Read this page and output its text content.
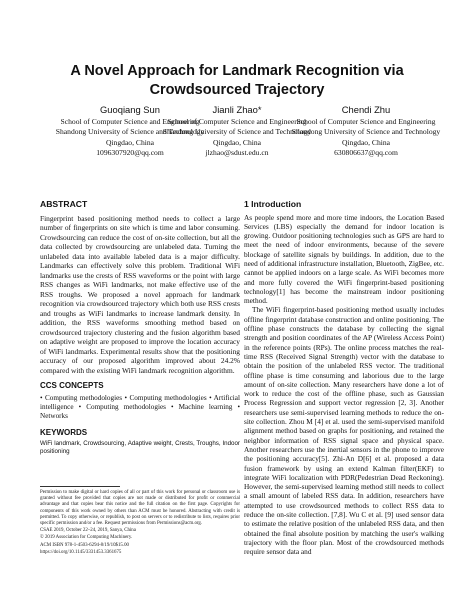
A Novel Approach for Landmark Recognition via Crowdsourced Trajectory
Guoqiang Sun
School of Computer Science and Engineering
Shandong University of Science and Technology
Qingdao, China
1096307920@qq.com
Jianli Zhao*
School of Computer Science and Engineering
Shandong University of Science and Technology
Qingdao, China
jlzhao@sdust.edu.cn
Chendi Zhu
School of Computer Science and Engineering
Shandong University of Science and Technology
Qingdao, China
630806637@qq.com
ABSTRACT

Fingerprint based positioning method needs to collect a large number of fingerprints on site which is time and labor consuming. Crowdsourcing can reduce the cost of on-site collection, but all the data collected by crowdsourcing are unlabeled data. Turning the unlabeled data into available labeled data is a major difficulty. Landmarks can effectively solve this problem. Traditional WiFi landmarks use the crests of RSS waveforms or the point with large RSS changes as WiFi landmarks, not make effective use of the RSS troughs. We proposed a novel approach for landmark recognition via crowdsourced trajectory which both use RSS crests and troughs as WiFi landmarks to increase landmark density. In addition, the RSS waveforms smoothing method based on crowdsourced trajectory clustering and the fusion algorithm based on adaptive weight are proposed to improve the location accuracy of WiFi landmarks. Experimental results show that the positioning accuracy of our proposed algorithm improved about 24.2% compared with the existing WiFi landmark recognition algorithm.

CCS CONCEPTS

• Computing methodologies • Computing methodologies • Artificial intelligence • Computing methodologies • Machine learning • Networks

KEYWORDS

WiFi landmark, Crowdsourcing, Adaptive weight, Crests, Troughs, Indoor positioning

Permission to make digital or hard copies of all or part of this work for personal or classroom use is granted without fee provided that copies are not made or distributed for profit or commercial advantage and that copies bear this notice and the full citation on the first page. Copyrights for components of this work owned by others than ACM must be honored. Abstracting with credit is permitted. To copy otherwise, or republish, to post on servers or to redistribute to lists, requires prior specific permission and/or a fee. Request permissions from Permissions@acm.org.

CSAE 2019, October 22–24, 2019, Sanya, China
© 2019 Association for Computing Machinery.
ACM ISBN 978-1-4503-6294-8/19/10$15.00
https://doi.org/10.1145/3331453.3361675
1 Introduction

As people spend more and more time indoors, the Location Based Services (LBS) especially the demand for indoor location is growing. Outdoor positioning technologies such as GPS are hard to meet the need of indoor environments, because of the severe blockage of satellite signals by buildings. In addition, due to the need of additional infrastructure installation, Bluetooth, ZigBee, etc. cannot be applied indoors on a large scale. As WiFi becomes more and more fully covered the WiFi fingerprint-based positioning technology[1] has become the mainstream indoor positioning method.

The WiFi fingerprint-based positioning method usually includes offline fingerprint database construction and online positioning. The offline phase constructs the database by collecting the signal strength and position coordinates of the AP (Wireless Access Point) in the reference points (RPs). The online process matches the real-time RSS (Received Signal Strength) vector with the database to obtain the position of the unlabeled RSS vector. The traditional offline phase is time consuming and laborious due to the large amount of on-site collection. Many researchers have done a lot of work to reduce the cost of the offline phase, such as Gaussian Process Regression and support vector regression [2, 3]. Another researchers use semi-supervised learning methods to reduce the on-site collection. Zhou M [4] et al. used the semi-supervised manifold alignment method based on graphs for positioning, and retained the neighbor information of RSS signal space and physical space. Another researchers use the inertial sensors in the phone to improve the positioning accuracy[5]. Zhi-An D[6] et al. proposed a data fusion framework by using an extend Kalman filter(EKF) to integrate WiFi localization with PDR(Pedestrian Dead Reckoning). However, the semi-supervised learning method still needs to collect a small amount of labeled RSS data. In addition, researchers have attempted to use crowdsourced methods to collect RSS data to reduce the on-site collection. [7,8]. Wu C et al. [9] used sensor data to estimate the relative position of the unlabeled RSS data, and then obtained the final absolute position by matching the user's walking trajectory with the floor plan. Most of the crowdsourced methods require sensor data and
